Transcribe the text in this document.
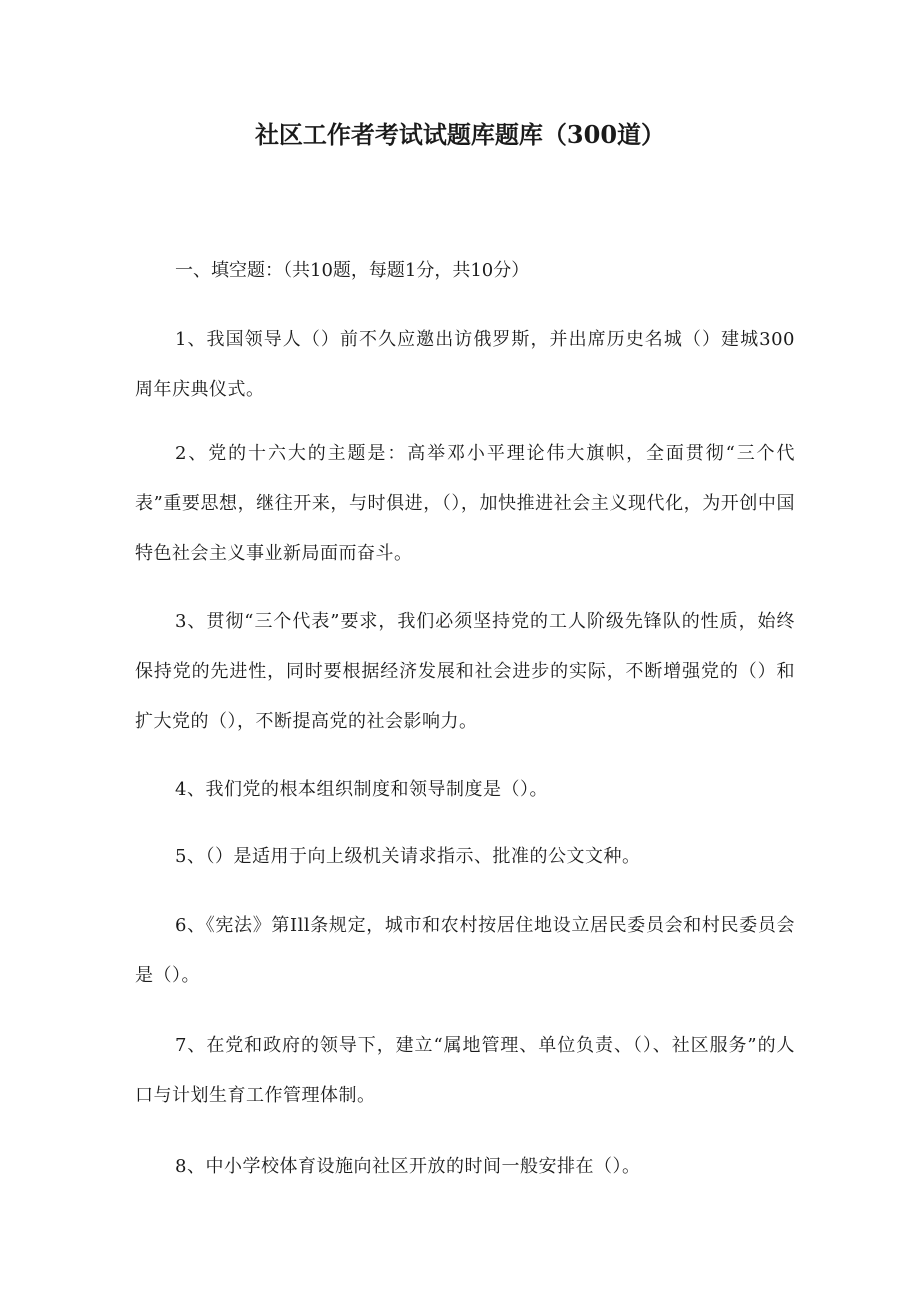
社区工作者考试试题库题库（300道）

一、填空题：（共10题，每题1分，共10分）

1、我国领导人（）前不久应邀出访俄罗斯，并出席历史名城（）建城300周年庆典仪式。

2、党的十六大的主题是：高举邓小平理论伟大旗帜，全面贯彻“三个代表”重要思想，继往开来，与时俱进，（），加快推进社会主义现代化，为开创中国特色社会主义事业新局面而奋斗。

3、贯彻“三个代表”要求，我们必须坚持党的工人阶级先锋队的性质，始终保持党的先进性，同时要根据经济发展和社会进步的实际，不断增强党的（）和扩大党的（），不断提高党的社会影响力。

4、我们党的根本组织制度和领导制度是（）。

5、（）是适用于向上级机关请求指示、批准的公文文种。

6、《宪法》第Ill条规定，城市和农村按居住地设立居民委员会和村民委员会是（）。

7、在党和政府的领导下，建立“属地管理、单位负责、（）、社区服务”的人口与计划生育工作管理体制。

8、中小学校体育设施向社区开放的时间一般安排在（）。
